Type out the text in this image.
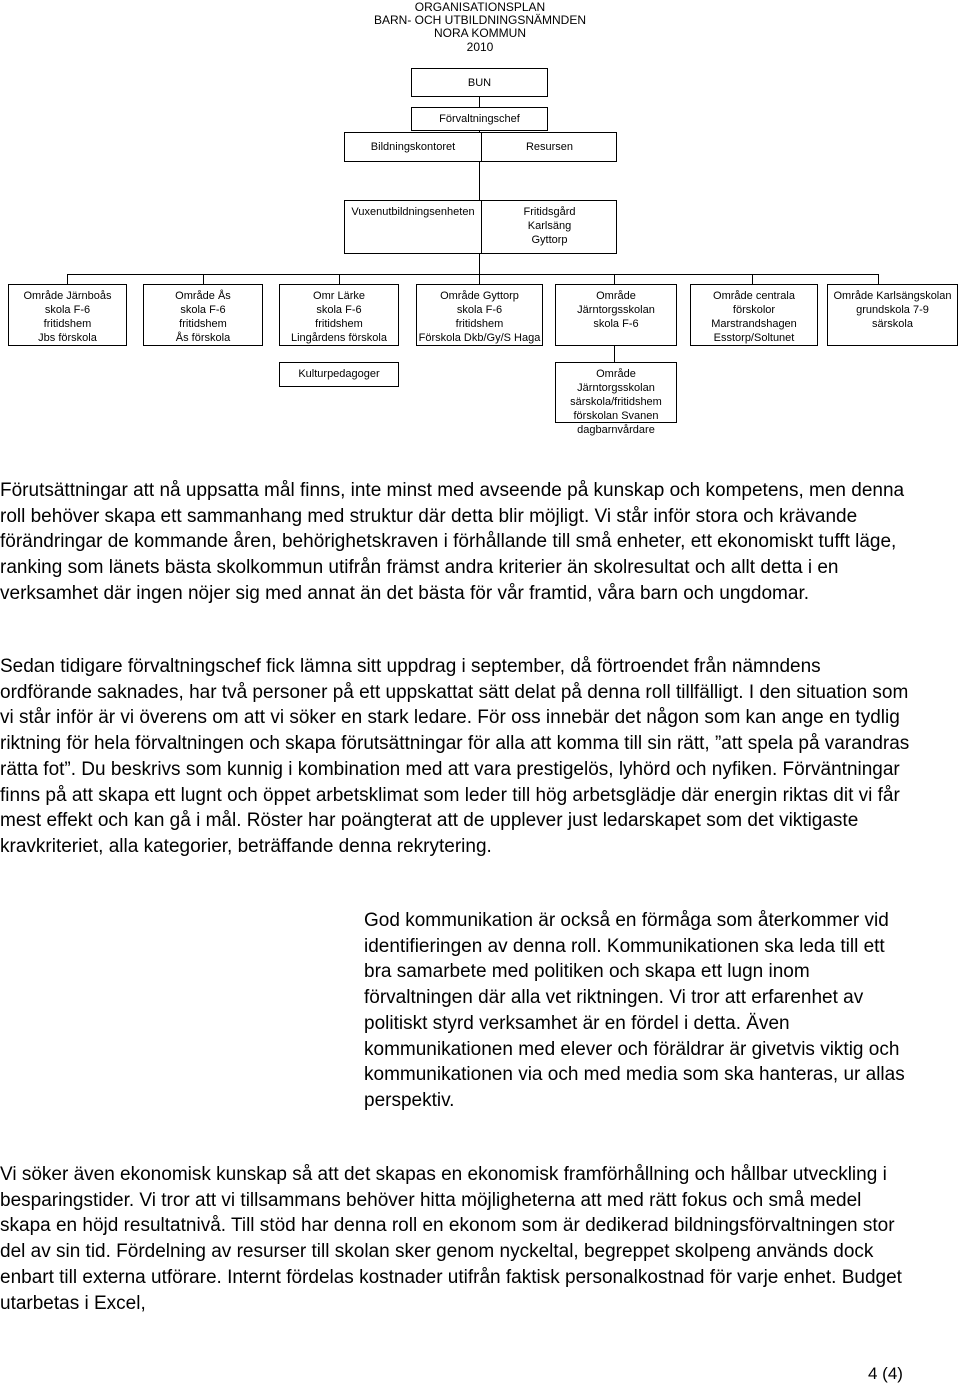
ORGANISATIONSPLAN
BARN- OCH UTBILDNINGSNÄMNDEN
NORA KOMMUN
2010
BUN
Förvaltningschef
Bildningskontoret	Resursen
Vuxenutbildningsenheten	Fritidsgård
Karlsäng
Gyttorp
Område Järnboås
skola F-6
fritidshem
Jbs förskola
Område Ås
skola F-6
fritidshem
Ås förskola
Omr Lärke
skola F-6
fritidshem
Lingårdens förskola
Område Gyttorp
skola F-6
fritidshem
Förskola Dkb/Gy/S Haga
Område Järntorgsskolan
skola F-6
Område centrala förskolor
Marstrandshagen
Esstorp/Soltunet
Område Karlsängskolan
grundskola 7-9
särskola
Kulturpedagoger	Område Järntorgsskolan
särskola/fritidshem
förskolan Svanen
dagbarnvårdare

Förutsättningar att nå uppsatta mål finns, inte minst med avseende på kunskap och kompetens, men denna roll behöver skapa ett sammanhang med struktur där detta blir möjligt. Vi står inför stora och krävande förändringar de kommande åren, behörighetskraven i förhållande till små enheter, ett ekonomiskt tufft läge, ranking som länets bästa skolkommun utifrån främst andra kriterier än skolresultat och allt detta i en verksamhet där ingen nöjer sig med annat än det bästa för vår framtid, våra barn och ungdomar.

Sedan tidigare förvaltningschef fick lämna sitt uppdrag i september, då förtroendet från nämndens ordförande saknades, har två personer på ett uppskattat sätt delat på denna roll tillfälligt. I den situation som vi står inför är vi överens om att vi söker en stark ledare. För oss innebär det någon som kan ange en tydlig riktning för hela förvaltningen och skapa förutsättningar för alla att komma till sin rätt, ”att spela på varandras rätta fot”. Du beskrivs som kunnig i kombination med att vara prestigelös, lyhörd och nyfiken. Förväntningar finns på att skapa ett lugnt och öppet arbetsklimat som leder till hög arbetsglädje där energin riktas dit vi får mest effekt och kan gå i mål. Röster har poängterat att de upplever just ledarskapet som det viktigaste kravkriteriet, alla kategorier, beträffande denna rekrytering.

God kommunikation är också en förmåga som återkommer vid identifieringen av denna roll. Kommunikationen ska leda till ett bra samarbete med politiken och skapa ett lugn inom förvaltningen där alla vet riktningen. Vi tror att erfarenhet av politiskt styrd verksamhet är en fördel i detta. Även kommunikationen med elever och föräldrar är givetvis viktig och kommunikationen via och med media som ska hanteras, ur allas perspektiv.

Vi söker även ekonomisk kunskap så att det skapas en ekonomisk framförhållning och hållbar utveckling i besparingstider. Vi tror att vi tillsammans behöver hitta möjligheterna att med rätt fokus och små medel skapa en höjd resultatnivå. Till stöd har denna roll en ekonom som är dedikerad bildningsförvaltningen stor del av sin tid. Fördelning av resurser till skolan sker genom nyckeltal, begreppet skolpeng används dock enbart till externa utförare. Internt fördelas kostnader utifrån faktisk personalkostnad för varje enhet. Budget utarbetas i Excel,

4 (4)
